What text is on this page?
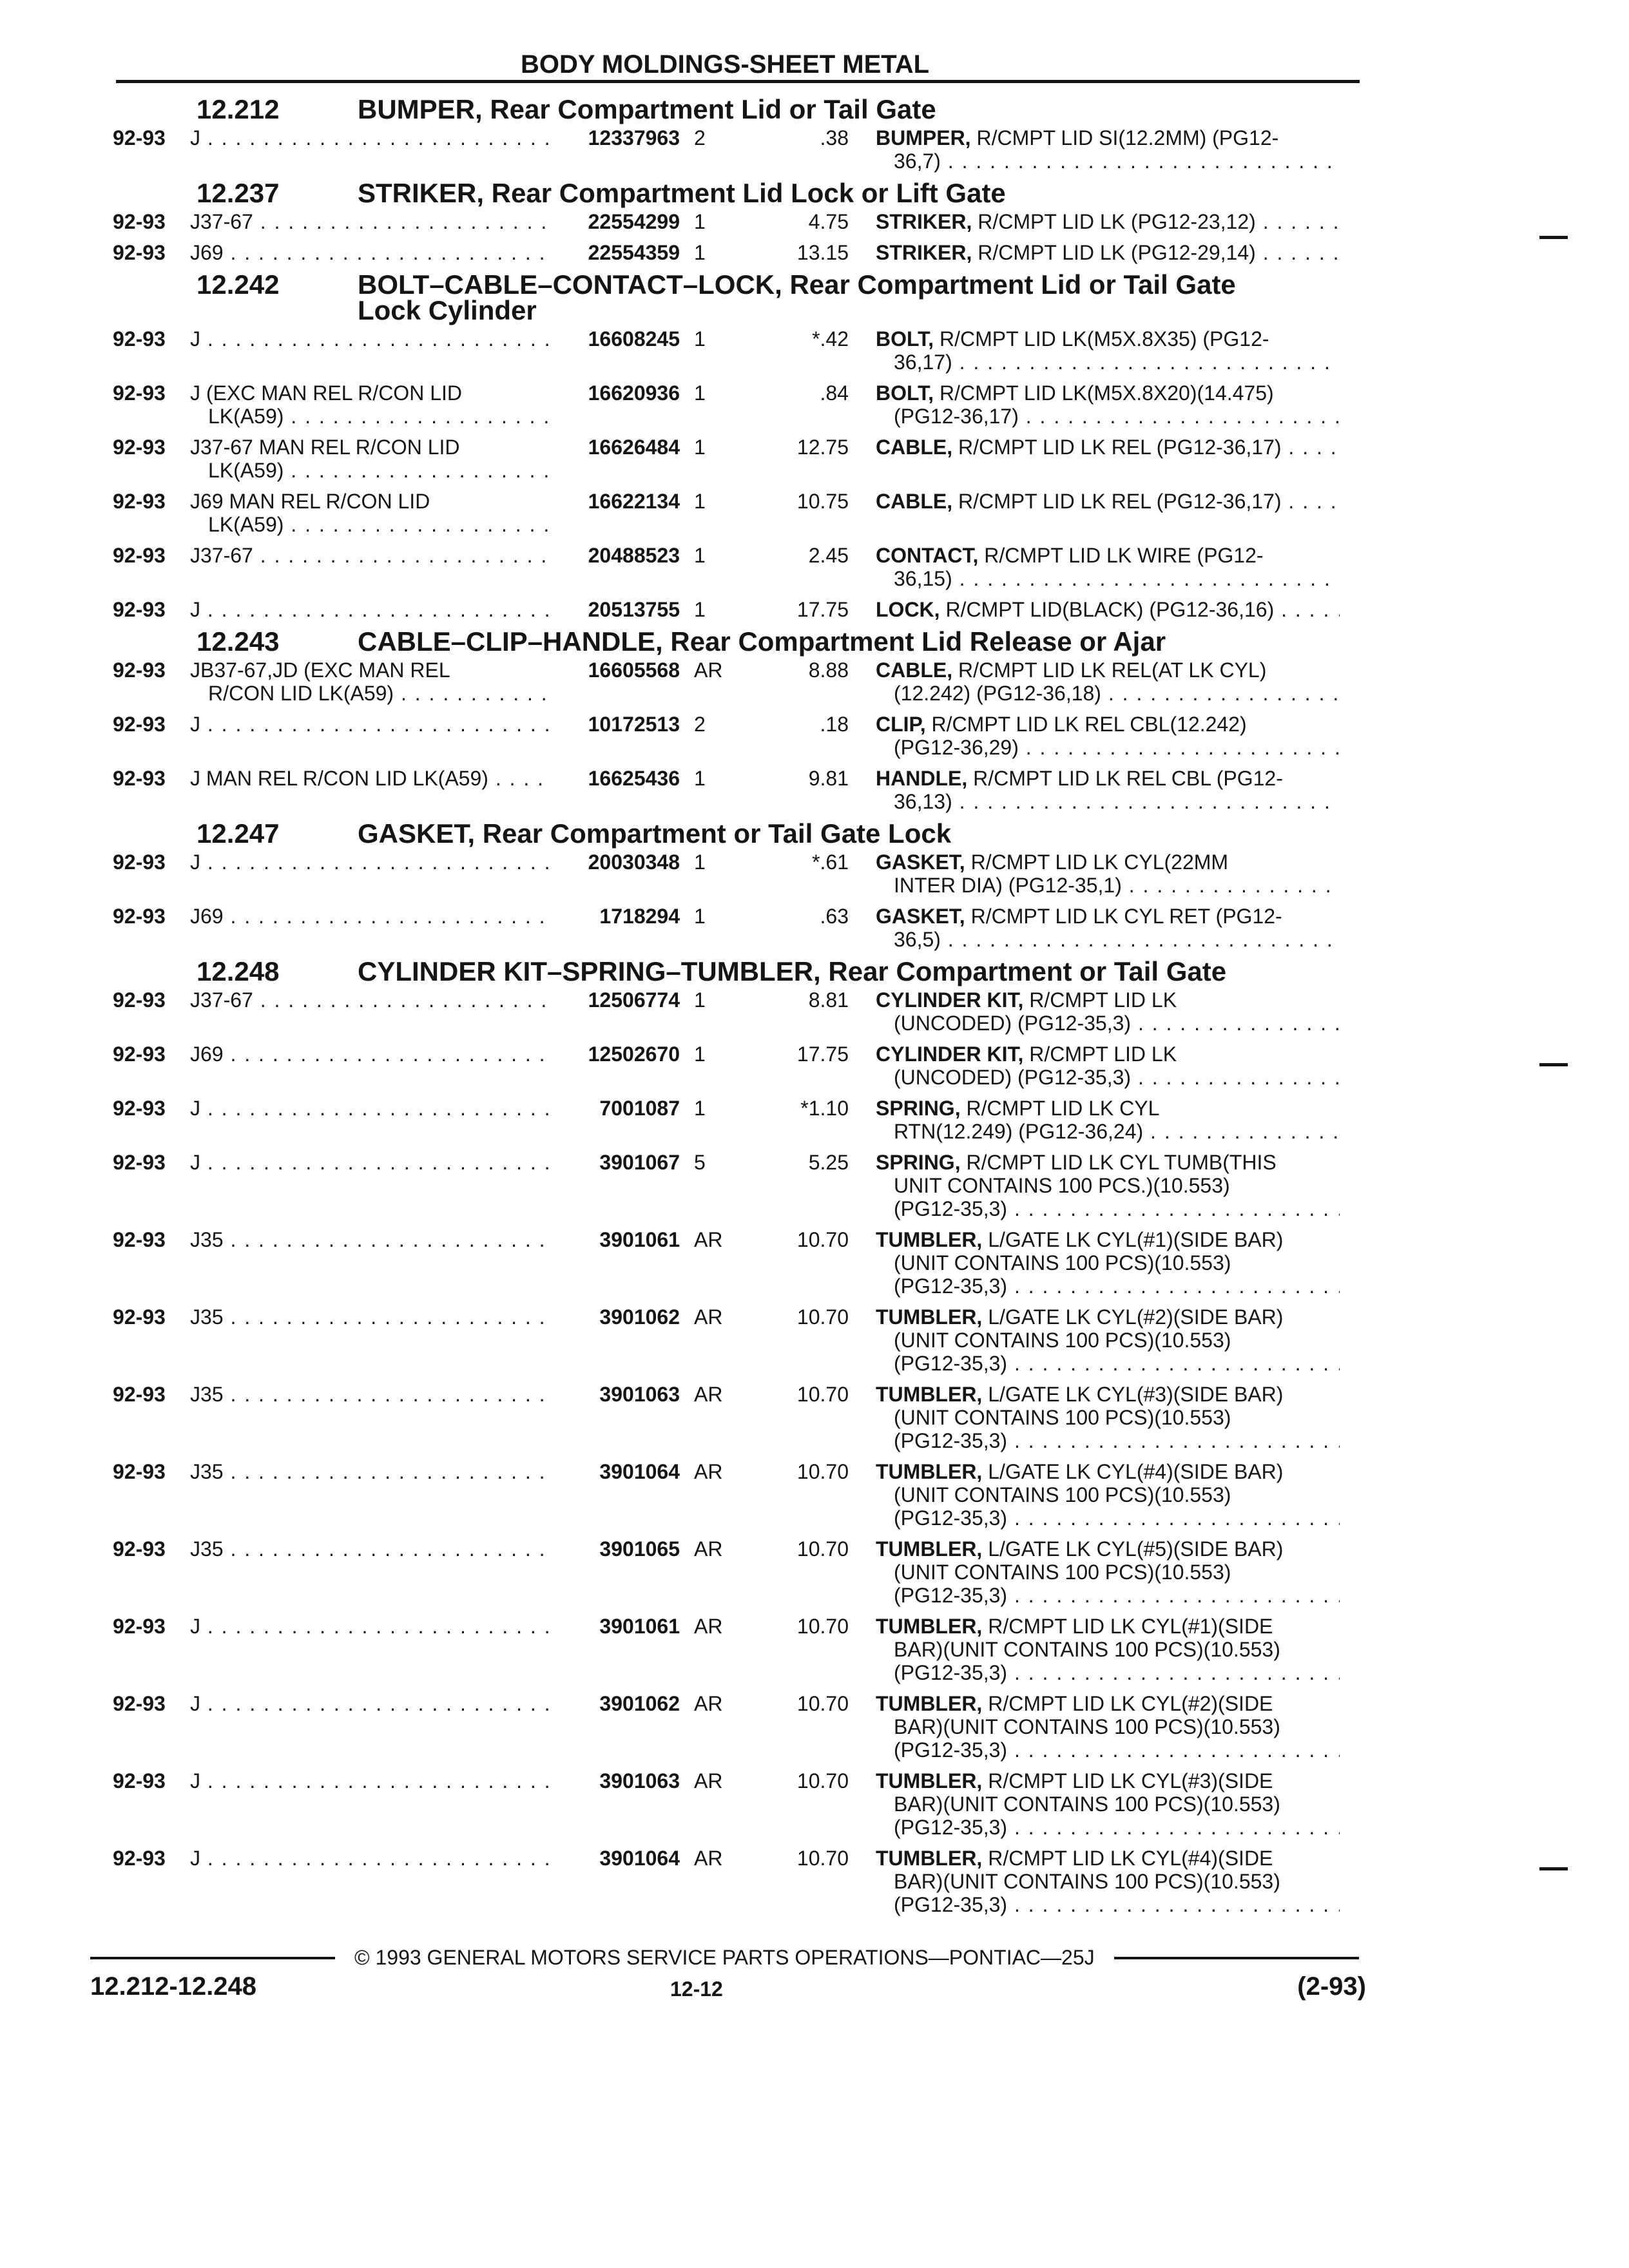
BODY MOLDINGS-SHEET METAL
12.212	BUMPER, Rear Compartment Lid or Tail Gate
92-93	J . . .	12337963 2	.38	BUMPER,
R/CMPT LID SI(12.2MM) (PG12-
36,7) . . .
12.237	STRIKER, Rear Compartment Lid Lock or Lift Gate
92-93	J37-67 . . .	22554299 1	4.75	STRIKER,
R/CMPT LID LK (PG12-23,12) . . .
92-93	J69 . . .	22554359 1	13.15	STRIKER,
R/CMPT LID LK (PG12-29,14) . . .
12.242	BOLT–CABLE–CONTACT–LOCK, Rear Compartment Lid or Tail Gate
Lock Cylinder
92-93	J . . .	16608245 1	*.42	BOLT,
R/CMPT LID LK(M5X.8X35) (PG12-
36,17) . . .
92-93	J (EXC MAN REL R/CON LID
LK(A59) . . .
16620936 1	.84	BOLT,
R/CMPT LID LK(M5X.8X20)(14.475)
(PG12-36,17) . . .
92-93	J37-67 MAN REL R/CON LID
LK(A59) . . .
16626484 1	12.75	CABLE,
R/CMPT LID LK REL (PG12-36,17) . . .
92-93	J69 MAN REL R/CON LID
LK(A59) . . .
16622134 1	10.75	CABLE,
R/CMPT LID LK REL (PG12-36,17) . . .
92-93	J37-67 . . .	20488523 1	2.45	CONTACT,
R/CMPT LID LK WIRE (PG12-
36,15) . . .
92-93	J . . .	20513755 1	17.75	LOCK,
R/CMPT LID(BLACK) (PG12-36,16) . . .
12.243	CABLE–CLIP–HANDLE, Rear Compartment Lid Release or Ajar
92-93	JB37-67,JD (EXC MAN REL
R/CON LID LK(A59) . . .
16605568 AR	8.88	CABLE,
R/CMPT LID LK REL(AT LK CYL)
(12.242) (PG12-36,18) . . .
92-93	J . . .	10172513 2	.18	CLIP,
R/CMPT LID LK REL CBL(12.242)
(PG12-36,29) . . .
92-93	J MAN REL R/CON LID LK(A59) . . .	16625436 1	9.81	HANDLE,
R/CMPT LID LK REL CBL (PG12-
36,13) . . .
12.247	GASKET, Rear Compartment or Tail Gate Lock
92-93	J . . .	20030348 1	*.61	GASKET,
R/CMPT LID LK CYL(22MM
INTER DIA) (PG12-35,1) . . .
92-93	J69 . . .	1718294 1	.63	GASKET,
R/CMPT LID LK CYL RET (PG12-
36,5) . . .
12.248	CYLINDER KIT–SPRING–TUMBLER, Rear Compartment or Tail Gate
92-93	J37-67 . . .	12506774 1	8.81	CYLINDER KIT,
R/CMPT LID LK
(UNCODED) (PG12-35,3) . . .
92-93	J69 . . .	12502670 1	17.75	CYLINDER KIT,
R/CMPT LID LK
(UNCODED) (PG12-35,3) . . .
92-93	J . . .	7001087 1	*1.10	SPRING,
R/CMPT LID LK CYL
RTN(12.249) (PG12-36,24) . . .
92-93	J . . .	3901067 5	5.25	SPRING,
R/CMPT LID LK CYL TUMB(THIS
UNIT CONTAINS 100 PCS.)(10.553)
(PG12-35,3) . . .
92-93	J35 . . .	3901061 AR	10.70	TUMBLER,
L/GATE LK CYL(#1)(SIDE BAR)
(UNIT CONTAINS 100 PCS)(10.553)
(PG12-35,3) . . .
92-93	J35 . . .	3901062 AR	10.70	TUMBLER,
L/GATE LK CYL(#2)(SIDE BAR)
(UNIT CONTAINS 100 PCS)(10.553)
(PG12-35,3) . . .
92-93	J35 . . .	3901063 AR	10.70	TUMBLER,
L/GATE LK CYL(#3)(SIDE BAR)
(UNIT CONTAINS 100 PCS)(10.553)
(PG12-35,3) . . .
92-93	J35 . . .	3901064 AR	10.70	TUMBLER,
L/GATE LK CYL(#4)(SIDE BAR)
(UNIT CONTAINS 100 PCS)(10.553)
(PG12-35,3) . . .
92-93	J35 . . .	3901065 AR	10.70	TUMBLER,
L/GATE LK CYL(#5)(SIDE BAR)
(UNIT CONTAINS 100 PCS)(10.553)
(PG12-35,3) . . .
92-93	J . . .	3901061 AR	10.70	TUMBLER,
R/CMPT LID LK CYL(#1)(SIDE
BAR)(UNIT CONTAINS 100 PCS)(10.553)
(PG12-35,3) . . .
92-93	J . . .	3901062 AR	10.70	TUMBLER,
R/CMPT LID LK CYL(#2)(SIDE
BAR)(UNIT CONTAINS 100 PCS)(10.553)
(PG12-35,3) . . .
92-93	J . . .	3901063 AR	10.70	TUMBLER,
R/CMPT LID LK CYL(#3)(SIDE
BAR)(UNIT CONTAINS 100 PCS)(10.553)
(PG12-35,3) . . .
92-93	J . . .	3901064 AR	10.70	TUMBLER,
R/CMPT LID LK CYL(#4)(SIDE
BAR)(UNIT CONTAINS 100 PCS)(10.553)
(PG12-35,3) . . .
© 1993 GENERAL MOTORS SERVICE PARTS OPERATIONS—PONTIAC—25J
12.212-12.248	12-12	(2-93)
